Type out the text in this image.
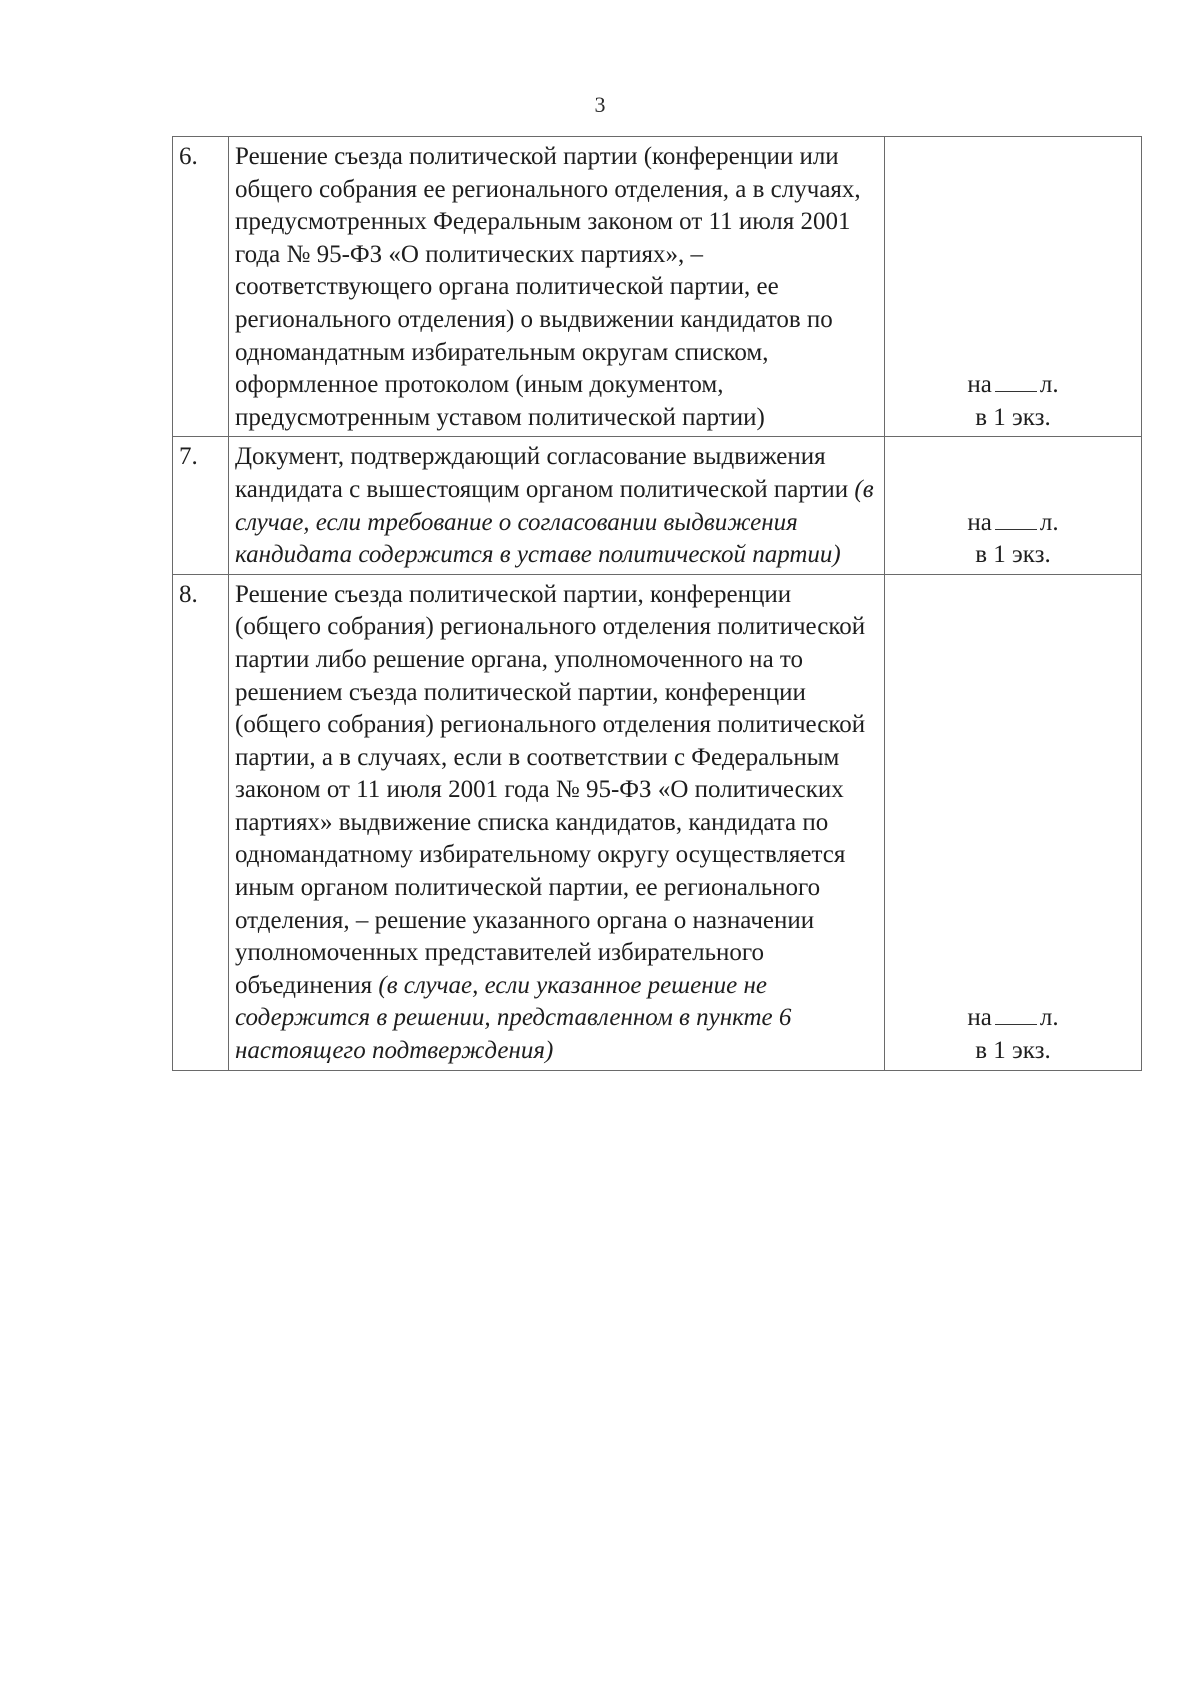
3
6.	Решение съезда политической партии (конференции или общего собрания ее регионального отделения, а в случаях, предусмотренных Федеральным законом от 11 июля 2001 года № 95-ФЗ «О политических партиях», – соответствующего органа политической партии, ее регионального отделения) о выдвижении кандидатов по одномандатным избирательным округам списком, оформленное протоколом (иным документом, предусмотренным уставом политической партии)	на л.
в 1 экз.

7.	Документ, подтверждающий согласование выдвижения кандидата с вышестоящим органом политической партии (в случае, если требование о согласовании выдвижения кандидата содержится в уставе политической партии)	на л.
в 1 экз.

8.	Решение съезда политической партии, конференции (общего собрания) регионального отделения политической партии либо решение органа, уполномоченного на то решением съезда политической партии, конференции (общего собрания) регионального отделения политической партии, а в случаях, если в соответствии с Федеральным законом от 11 июля 2001 года № 95-ФЗ «О политических партиях» выдвижение списка кандидатов, кандидата по одномандатному избирательному округу осуществляется иным органом политической партии, ее регионального отделения, – решение указанного органа о назначении уполномоченных представителей избирательного объединения (в случае, если указанное решение не содержится в решении, представленном в пункте 6 настоящего подтверждения)	на л.
в 1 экз.
